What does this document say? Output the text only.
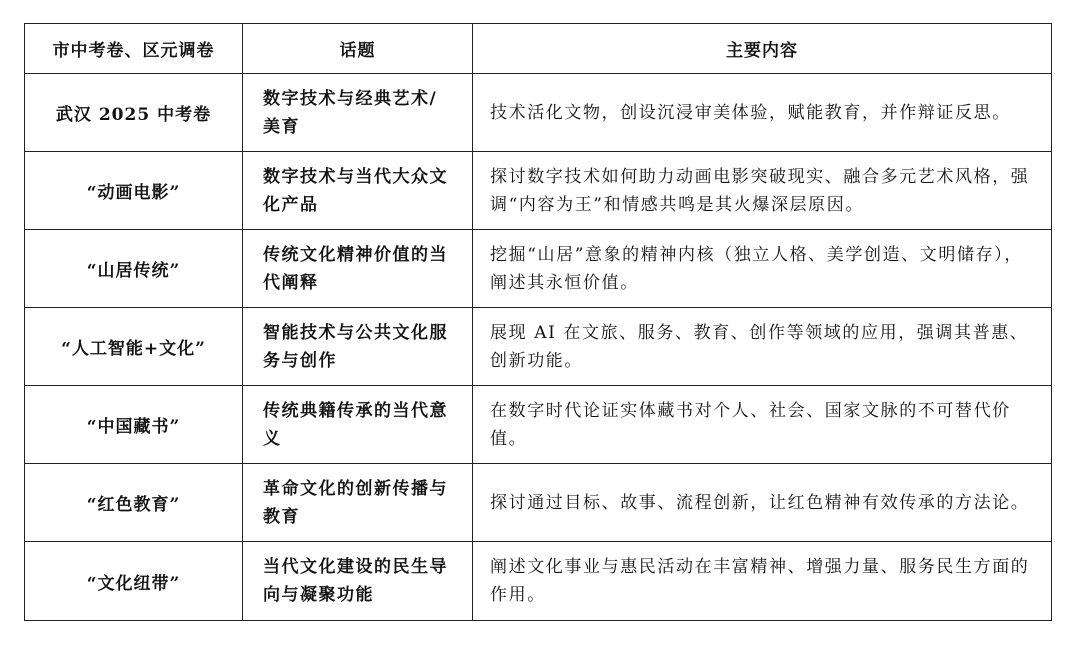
市中考卷、区元调卷	话题	主要内容
武汉 2025 中考卷	数字技术与经典艺术/美育	技术活化文物，创设沉浸审美体验，赋能教育，并作辩证反思。
“动画电影”	数字技术与当代大众文化产品	探讨数字技术如何助力动画电影突破现实、融合多元艺术风格，强调“内容为王”和情感共鸣是其火爆深层原因。
“山居传统”	传统文化精神价值的当代阐释	挖掘“山居”意象的精神内核（独立人格、美学创造、文明储存），阐述其永恒价值。
“人工智能+文化”	智能技术与公共文化服务与创作	展现 AI 在文旅、服务、教育、创作等领域的应用，强调其普惠、创新功能。
“中国藏书”	传统典籍传承的当代意义	在数字时代论证实体藏书对个人、社会、国家文脉的不可替代价值。
“红色教育”	革命文化的创新传播与教育	探讨通过目标、故事、流程创新，让红色精神有效传承的方法论。
“文化纽带”	当代文化建设的民生导向与凝聚功能	阐述文化事业与惠民活动在丰富精神、增强力量、服务民生方面的作用。
